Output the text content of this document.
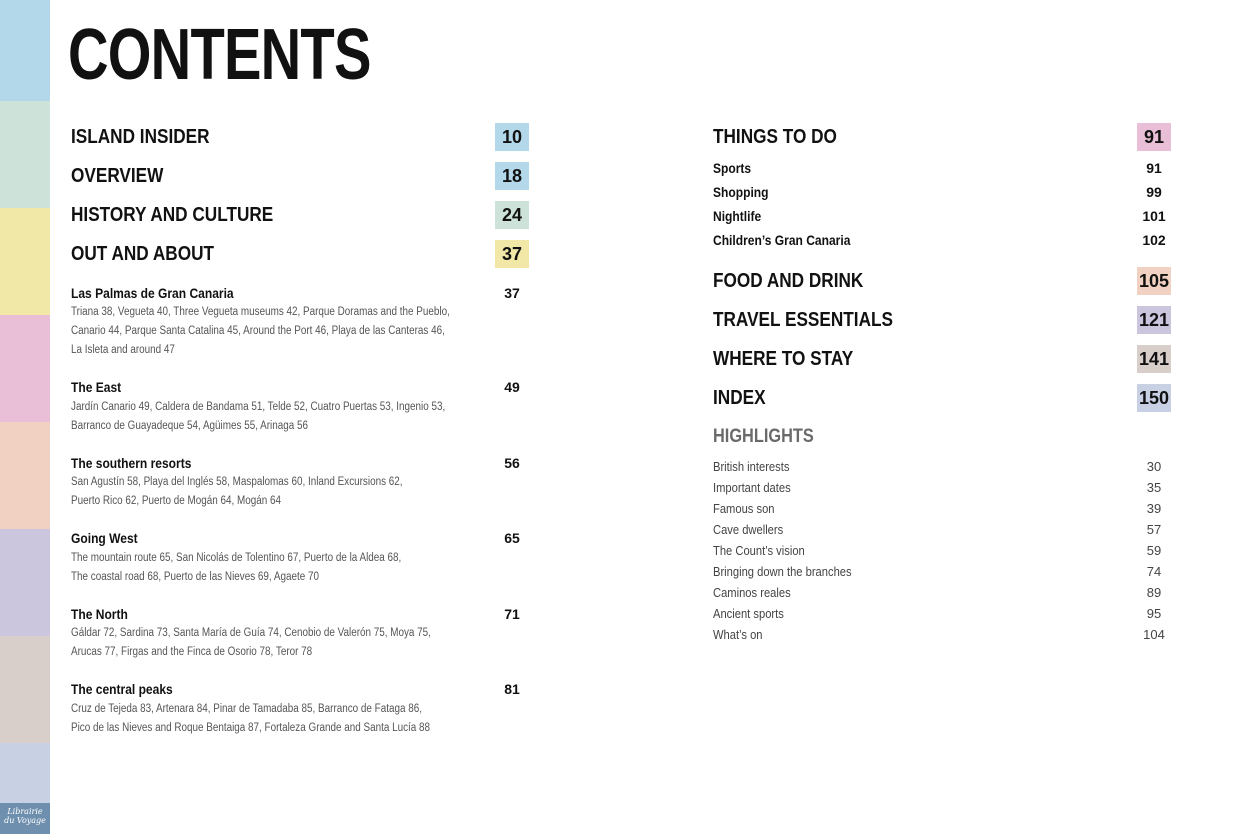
Librairie
du Voyage
CONTENTS
ISLAND INSIDER	10
OVERVIEW	18
HISTORY AND CULTURE	24
OUT AND ABOUT	37
Las Palmas de Gran Canaria	37
Triana 38, Vegueta 40, Three Vegueta museums 42, Parque Doramas and the Pueblo,
Canario 44, Parque Santa Catalina 45, Around the Port 46, Playa de las Canteras 46,
La Isleta and around 47
The East	49
Jardín Canario 49, Caldera de Bandama 51, Telde 52, Cuatro Puertas 53, Ingenio 53,
Barranco de Guayadeque 54, Agüimes 55, Arinaga 56
The southern resorts	56
San Agustín 58, Playa del Inglés 58, Maspalomas 60, Inland Excursions 62,
Puerto Rico 62, Puerto de Mogán 64, Mogán 64
Going West	65
The mountain route 65, San Nicolás de Tolentino 67, Puerto de la Aldea 68,
The coastal road 68, Puerto de las Nieves 69, Agaete 70
The North	71
Gáldar 72, Sardina 73, Santa María de Guía 74, Cenobio de Valerón 75, Moya 75,
Arucas 77, Firgas and the Finca de Osorio 78, Teror 78
The central peaks	81
Cruz de Tejeda 83, Artenara 84, Pinar de Tamadaba 85, Barranco de Fataga 86,
Pico de las Nieves and Roque Bentaiga 87, Fortaleza Grande and Santa Lucía 88
THINGS TO DO	91
Sports	91
Shopping	99
Nightlife	101
Children’s Gran Canaria	102
FOOD AND DRINK	105
TRAVEL ESSENTIALS	121
WHERE TO STAY	141
INDEX	150
HIGHLIGHTS
British interests	30
Important dates	35
Famous son	39
Cave dwellers	57
The Count’s vision	59
Bringing down the branches	74
Caminos reales	89
Ancient sports	95
What’s on	104
